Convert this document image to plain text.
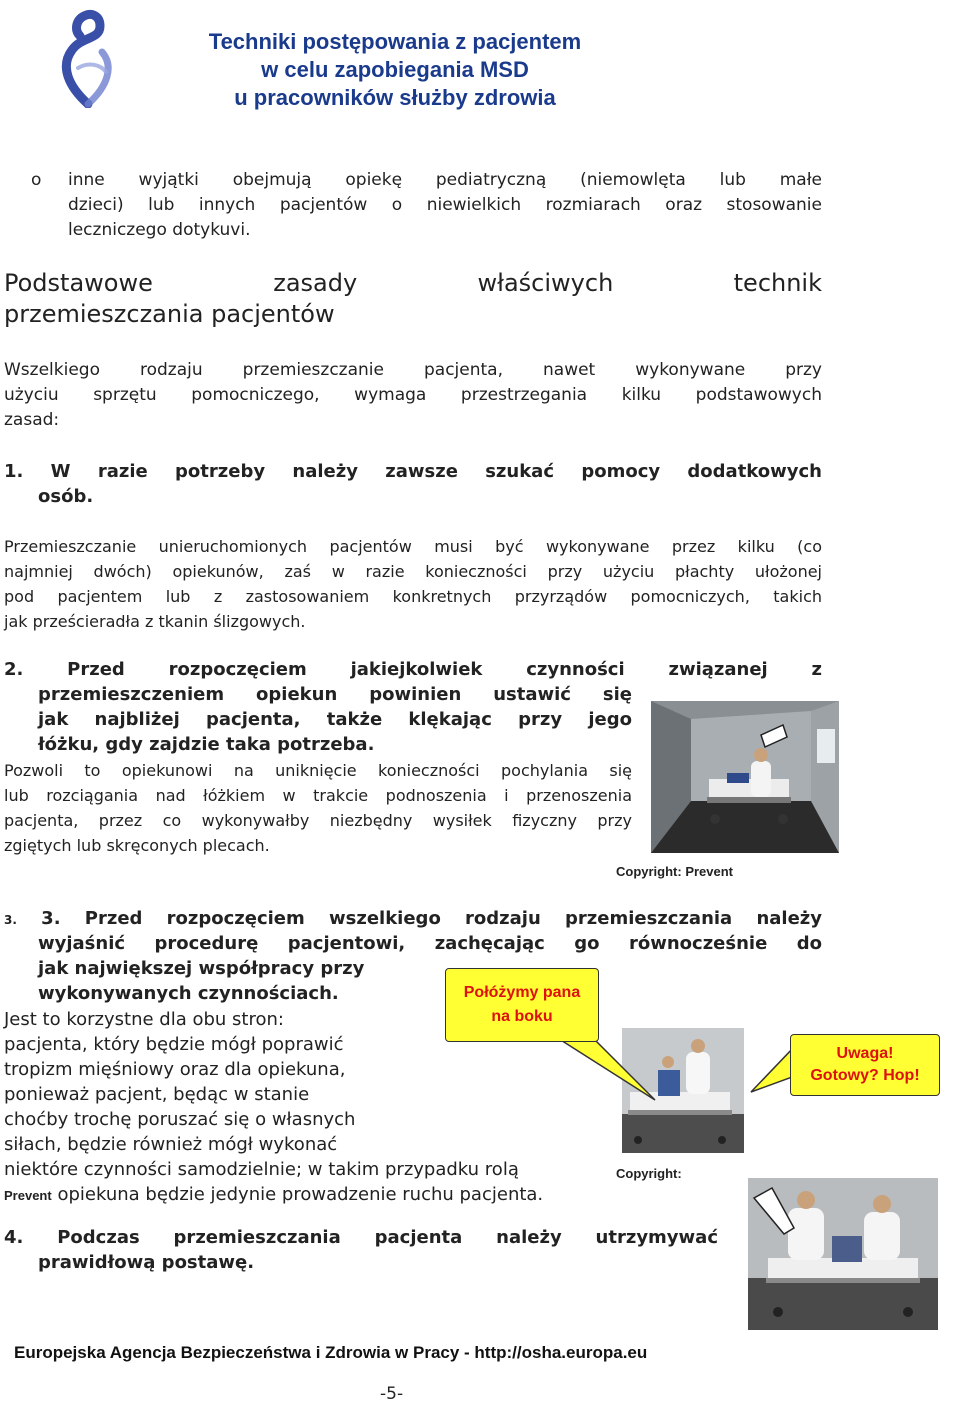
Techniki postępowania z pacjentem
w celu zapobiegania MSD
u pracowników służby zdrowia
o inne wyjątki obejmują opiekę pediatryczną (niemowlęta lub małe
dzieci) lub innych pacjentów o niewielkich rozmiarach oraz stosowanie
leczniczego dotykuvi.
Podstawowe zasady właściwych technik
przemieszczania pacjentów
Wszelkiego rodzaju przemieszczanie pacjenta, nawet wykonywane przy
użyciu sprzętu pomocniczego, wymaga przestrzegania kilku podstawowych
zasad:
1. W razie potrzeby należy zawsze szukać pomocy dodatkowych
osób.
Przemieszczanie unieruchomionych pacjentów musi być wykonywane przez kilku (co
najmniej dwóch) opiekunów, zaś w razie konieczności przy użyciu płachty ułożonej
pod pacjentem lub z zastosowaniem konkretnych przyrządów pomocniczych, takich
jak prześcieradła z tkanin ślizgowych.
2. Przed rozpoczęciem jakiejkolwiek czynności związanej z
przemieszczeniem opiekun powinien ustawić się
jak najbliżej pacjenta, także klękając przy jego
łóżku, gdy zajdzie taka potrzeba.
Pozwoli to opiekunowi na uniknięcie konieczności pochylania się
lub rozciągania nad łóżkiem w trakcie podnoszenia i przenoszenia
pacjenta, przez co wykonywałby niezbędny wysiłek fizyczny przy
zgiętych lub skręconych plecach.
Copyright: Prevent
3. 3. Przed rozpoczęciem wszelkiego rodzaju przemieszczania należy
wyjaśnić procedurę pacjentowi, zachęcając go równocześnie do
jak największej współpracy przy
wykonywanych czynnościach.
Jest to korzystne dla obu stron:
pacjenta, który będzie mógł poprawić
tropizm mięśniowy oraz dla opiekuna,
ponieważ pacjent, będąc w stanie
choćby trochę poruszać się o własnych
siłach, będzie również mógł wykonać
niektóre czynności samodzielnie; w takim przypadku rolą
Prevent opiekuna będzie jedynie prowadzenie ruchu pacjenta.
Połóżymy pana
na boku
Uwaga!
Gotowy? Hop!
Copyright:
4. Podczas przemieszczania pacjenta należy utrzymywać
prawidłową postawę.
Europejska Agencja Bezpieczeństwa i Zdrowia w Pracy - http://osha.europa.eu
-5-
